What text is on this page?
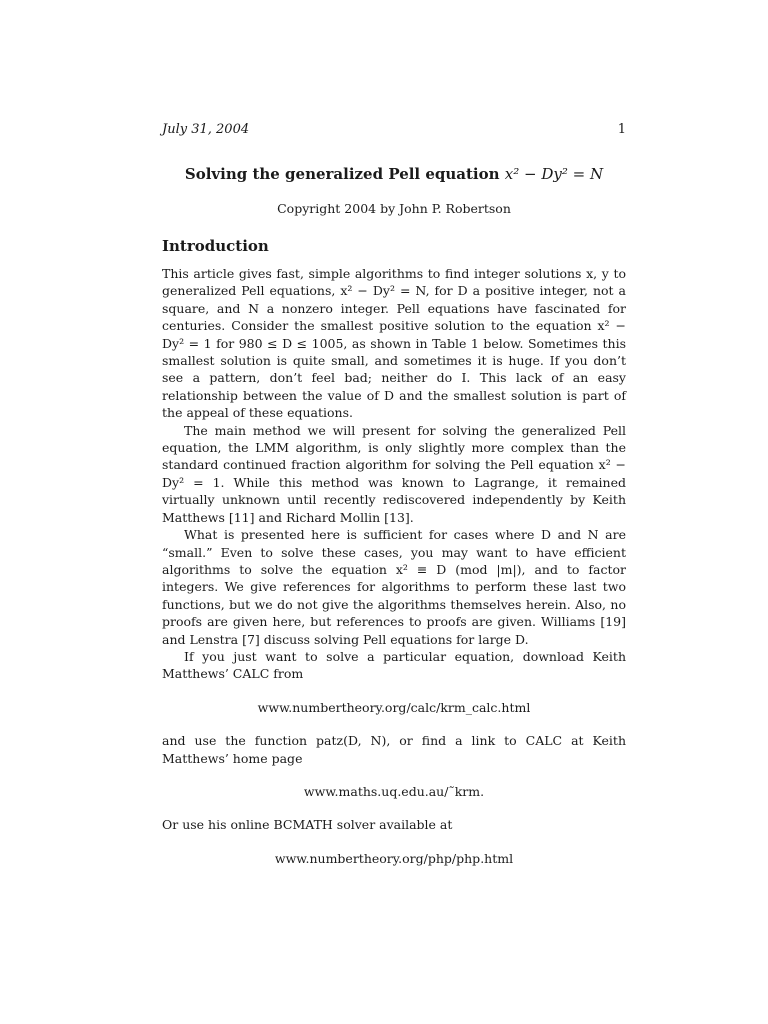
July 31, 2004	1
Solving the generalized Pell equation x² − Dy² = N
Copyright 2004 by John P. Robertson
Introduction

This article gives fast, simple algorithms to find integer solutions x, y to generalized Pell equations, x² − Dy² = N, for D a positive integer, not a square, and N a nonzero integer. Pell equations have fascinated for centuries. Consider the smallest positive solution to the equation x² − Dy² = 1 for 980 ≤ D ≤ 1005, as shown in Table 1 below. Sometimes this smallest solution is quite small, and sometimes it is huge. If you don’t see a pattern, don’t feel bad; neither do I. This lack of an easy relationship between the value of D and the smallest solution is part of the appeal of these equations.

The main method we will present for solving the generalized Pell equation, the LMM algorithm, is only slightly more complex than the standard continued fraction algorithm for solving the Pell equation x² − Dy² = 1. While this method was known to Lagrange, it remained virtually unknown until recently rediscovered independently by Keith Matthews [11] and Richard Mollin [13].

What is presented here is sufficient for cases where D and N are “small.” Even to solve these cases, you may want to have efficient algorithms to solve the equation x² ≡ D (mod |m|), and to factor integers. We give references for algorithms to perform these last two functions, but we do not give the algorithms themselves herein. Also, no proofs are given here, but references to proofs are given. Williams [19] and Lenstra [7] discuss solving Pell equations for large D.

If you just want to solve a particular equation, download Keith Matthews’ CALC from

www.numbertheory.org/calc/krm_calc.html

and use the function patz(D, N), or find a link to CALC at Keith Matthews’ home page

www.maths.uq.edu.au/˜krm.

Or use his online BCMATH solver available at

www.numbertheory.org/php/php.html
